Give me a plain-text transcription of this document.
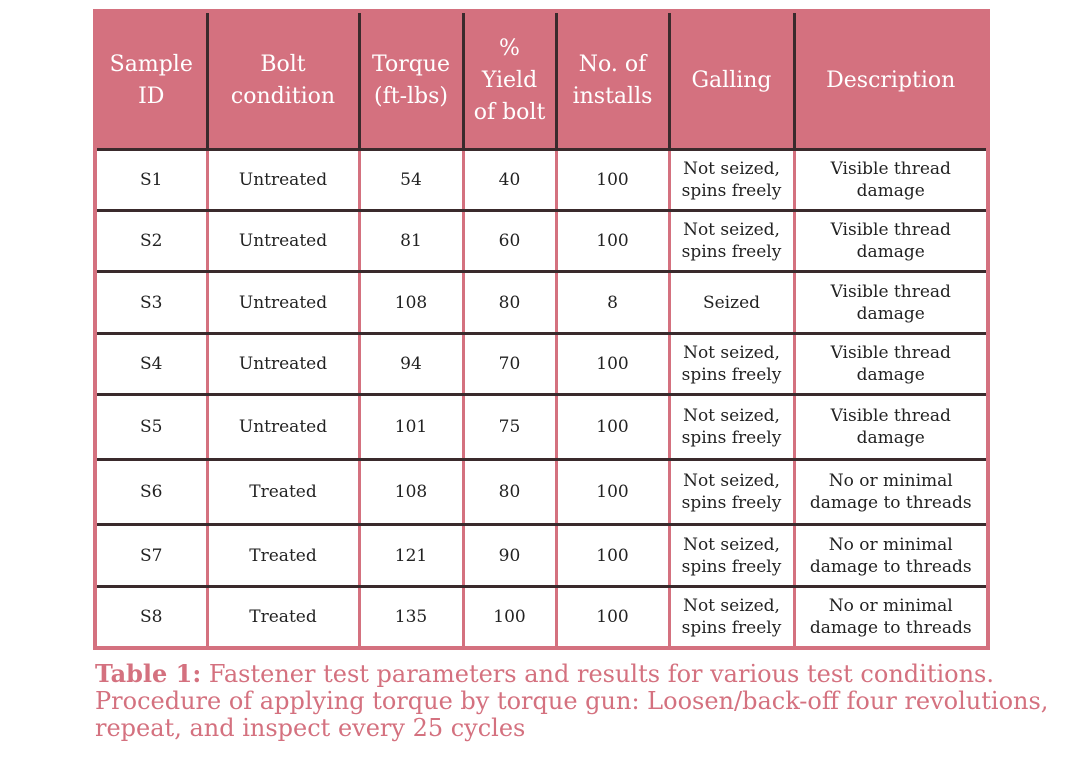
Sample ID	Bolt condition	Torque (ft-lbs)	% Yield of bolt	No. of installs	Galling	Description
S1	Untreated	54	40	100	Not seized, spins freely	Visible thread damage
S2	Untreated	81	60	100	Not seized, spins freely	Visible thread damage
S3	Untreated	108	80	8	Seized	Visible thread damage
S4	Untreated	94	70	100	Not seized, spins freely	Visible thread damage
S5	Untreated	101	75	100	Not seized, spins freely	Visible thread damage
S6	Treated	108	80	100	Not seized, spins freely	No or minimal damage to threads
S7	Treated	121	90	100	Not seized, spins freely	No or minimal damage to threads
S8	Treated	135	100	100	Not seized, spins freely	No or minimal damage to threads
Table 1: Fastener test parameters and results for various test conditions. Procedure of applying torque by torque gun: Loosen/back-off four revolutions, repeat, and inspect every 25 cycles
